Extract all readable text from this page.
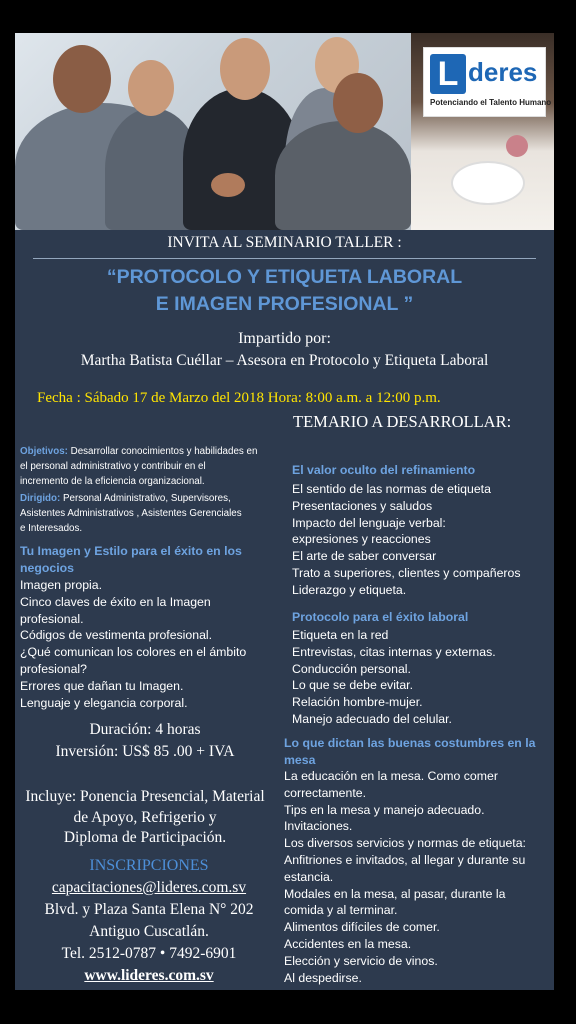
L deres
Potenciando el Talento Humano
INVITA AL SEMINARIO TALLER :
“PROTOCOLO Y ETIQUETA LABORAL
E IMAGEN PROFESIONAL ”
Impartido por:
Martha Batista Cuéllar – Asesora en Protocolo y Etiqueta Laboral
Fecha : Sábado 17 de Marzo del 2018 Hora: 8:00 a.m. a 12:00 p.m.
TEMARIO A DESARROLLAR:
Objetivos: Desarrollar conocimientos y habilidades en
el personal administrativo y contribuir en el
incremento de la eficiencia organizacional.
Dirigido: Personal Administrativo, Supervisores,
Asistentes Administrativos , Asistentes Gerenciales
e Interesados.
Tu Imagen y Estilo para el éxito en los
negocios
Imagen propia.
Cinco claves de éxito en la Imagen
profesional.
Códigos de vestimenta profesional.
¿Qué comunican los colores en el ámbito
profesional?
Errores que dañan tu Imagen.
Lenguaje y elegancia corporal.
Duración: 4 horas
Inversión: US$ 85 .00 + IVA
Incluye: Ponencia Presencial, Material
de Apoyo, Refrigerio y
Diploma de Participación.
INSCRIPCIONES
capacitaciones@lideres.com.sv
Blvd. y Plaza Santa Elena N° 202
Antiguo Cuscatlán.
Tel. 2512-0787 • 7492-6901
www.lideres.com.sv
El valor oculto del refinamiento
El sentido de las normas de etiqueta
Presentaciones y saludos
Impacto del lenguaje verbal:
expresiones y reacciones
El arte de saber conversar
Trato a superiores, clientes y compañeros
Liderazgo y etiqueta.
Protocolo para el éxito laboral
Etiqueta en la red
Entrevistas, citas internas y externas.
Conducción personal.
Lo que se debe evitar.
Relación hombre-mujer.
Manejo adecuado del celular.
Lo que dictan las buenas costumbres en la
mesa
La educación en la mesa. Como comer
correctamente.
Tips en la mesa y manejo adecuado.
Invitaciones.
Los diversos servicios y normas de etiqueta:
Anfitriones e invitados, al llegar y durante su
estancia.
Modales en la mesa, al pasar, durante la
comida y al terminar.
Alimentos difíciles de comer.
Accidentes en la mesa.
Elección y servicio de vinos.
Al despedirse.
